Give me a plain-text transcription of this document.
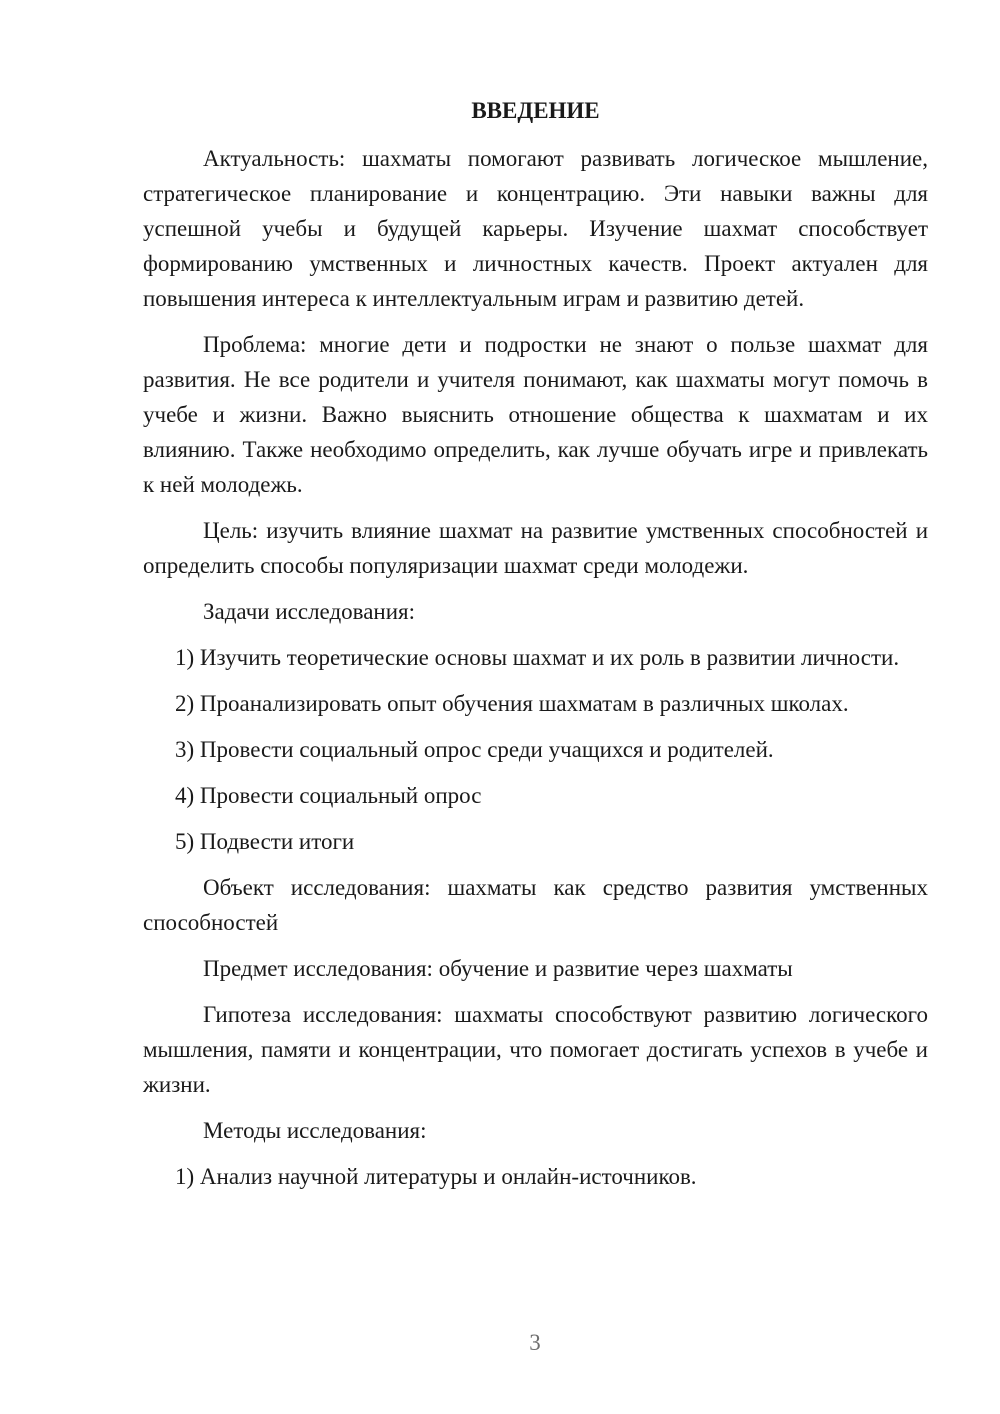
ВВЕДЕНИЕ

Актуальность: шахматы помогают развивать логическое мышление, стратегическое планирование и концентрацию. Эти навыки важны для успешной учебы и будущей карьеры. Изучение шахмат способствует формированию умственных и личностных качеств. Проект актуален для повышения интереса к интеллектуальным играм и развитию детей.

Проблема: многие дети и подростки не знают о пользе шахмат для развития. Не все родители и учителя понимают, как шахматы могут помочь в учебе и жизни. Важно выяснить отношение общества к шахматам и их влиянию. Также необходимо определить, как лучше обучать игре и привлекать к ней молодежь.

Цель: изучить влияние шахмат на развитие умственных способностей и определить способы популяризации шахмат среди молодежи.

Задачи исследования:

1) Изучить теоретические основы шахмат и их роль в развитии личности.

2) Проанализировать опыт обучения шахматам в различных школах.

3) Провести социальный опрос среди учащихся и родителей.

4) Провести социальный опрос

5) Подвести итоги

Объект исследования: шахматы как средство развития умственных способностей

Предмет исследования: обучение и развитие через шахматы

Гипотеза исследования: шахматы способствуют развитию логического мышления, памяти и концентрации, что помогает достигать успехов в учебе и жизни.

Методы исследования:

1) Анализ научной литературы и онлайн-источников.

3
